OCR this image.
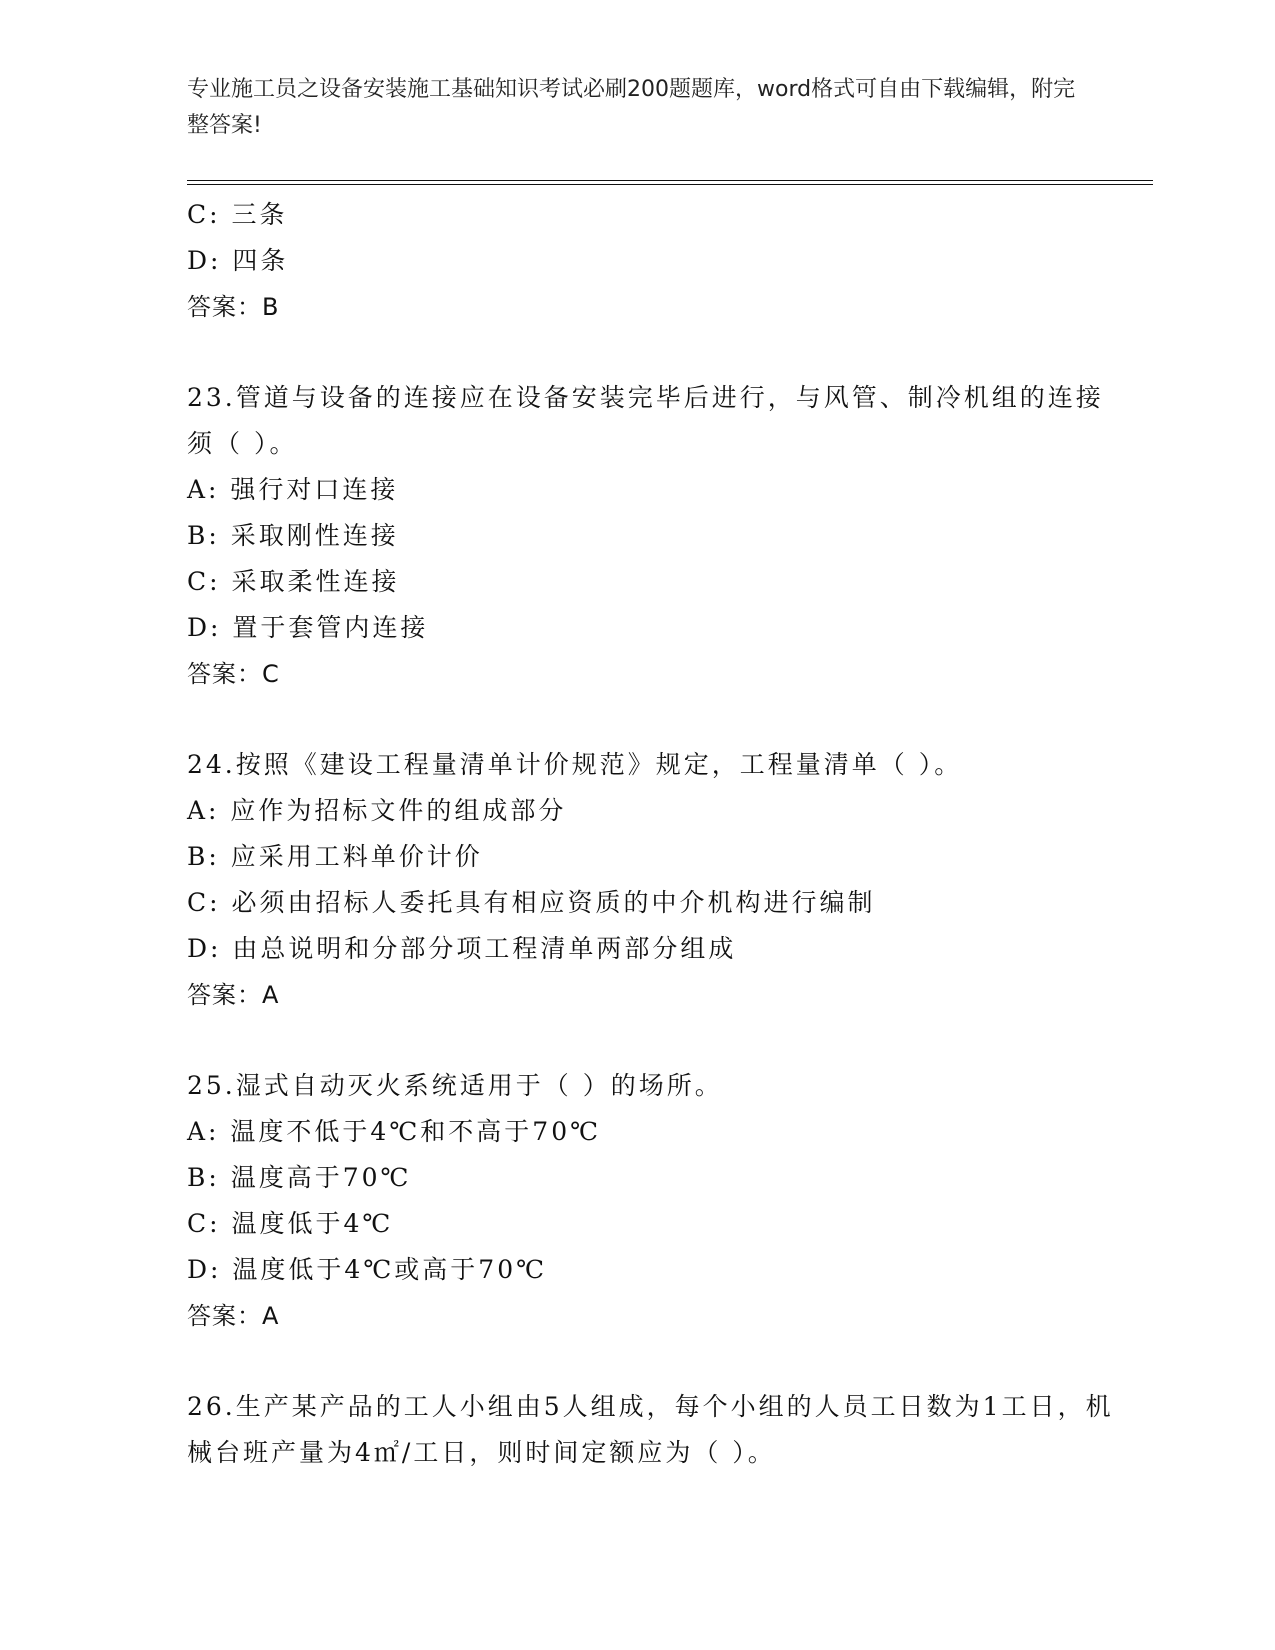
专业施工员之设备安装施工基础知识考试必刷200题题库，word格式可自由下载编辑，附完整答案!
C: 三条
D: 四条
答案：B
23.管道与设备的连接应在设备安装完毕后进行，与风管、制冷机组的连接须（ ）。
A: 强行对口连接
B: 采取刚性连接
C: 采取柔性连接
D: 置于套管内连接
答案：C
24.按照《建设工程量清单计价规范》规定，工程量清单（ ）。
A: 应作为招标文件的组成部分
B: 应采用工料单价计价
C: 必须由招标人委托具有相应资质的中介机构进行编制
D: 由总说明和分部分项工程清单两部分组成
答案：A
25.湿式自动灭火系统适用于（ ）的场所。
A: 温度不低于4℃和不高于70℃
B: 温度高于70℃
C: 温度低于4℃
D: 温度低于4℃或高于70℃
答案：A
26.生产某产品的工人小组由5人组成，每个小组的人员工日数为1工日，机械台班产量为4㎡/工日，则时间定额应为（ ）。
